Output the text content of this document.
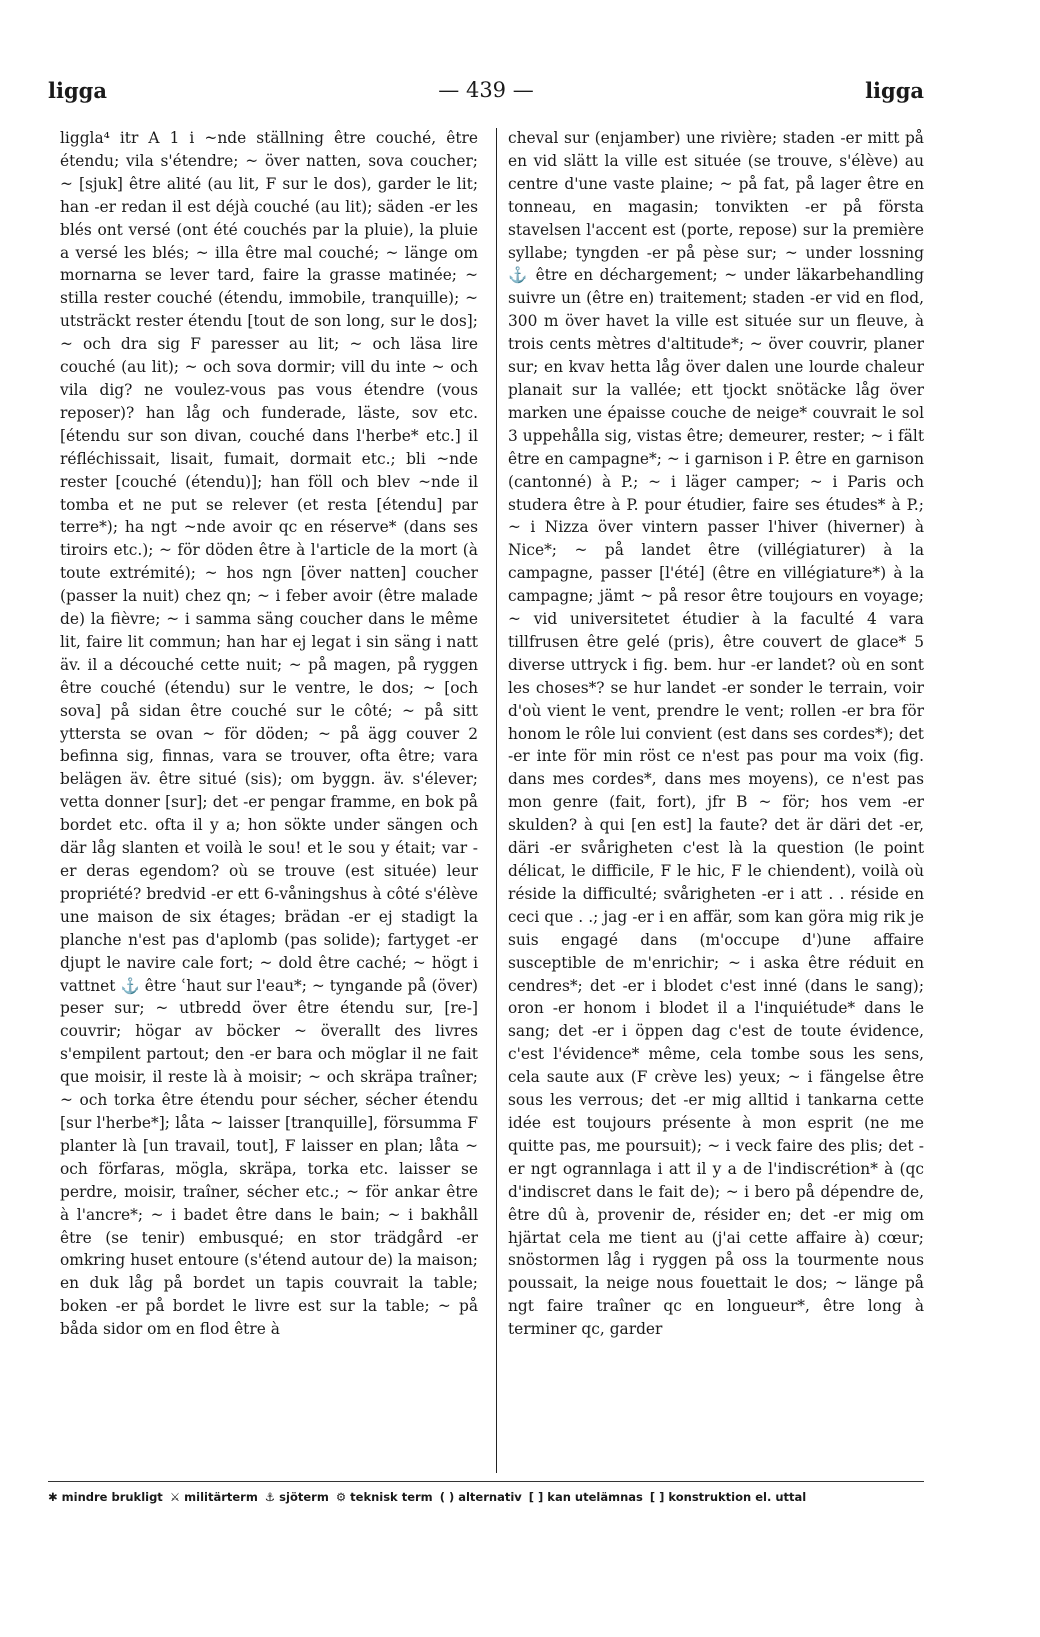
ligga	— 439 —	ligga

liggla⁴ itr A 1 i ~nde ställning être couché, être étendu; vila s'étendre; ~ över natten, sova coucher; ~ [sjuk] être alité (au lit, F sur le dos), garder le lit; han -er redan il est déjà couché (au lit); säden -er les blés ont versé (ont été couchés par la pluie), la pluie a versé les blés; ~ illa être mal couché; ~ länge om mornarna se lever tard, faire la grasse matinée; ~ stilla rester couché (étendu, immobile, tranquille); ~ utsträckt rester étendu [tout de son long, sur le dos]; ~ och dra sig F paresser au lit; ~ och läsa lire couché (au lit); ~ och sova dormir; vill du inte ~ och vila dig? ne voulez-vous pas vous étendre (vous reposer)? han låg och funderade, läste, sov etc. [étendu sur son divan, couché dans l'herbe* etc.] il réfléchissait, lisait, fumait, dormait etc.; bli ~nde rester [couché (étendu)]; han föll och blev ~nde il tomba et ne put se relever (et resta [étendu] par terre*); ha ngt ~nde avoir qc en réserve* (dans ses tiroirs etc.); ~ för döden être à l'article de la mort (à toute extrémité); ~ hos ngn [över natten] coucher (passer la nuit) chez qn; ~ i feber avoir (être malade de) la fièvre; ~ i samma säng coucher dans le même lit, faire lit commun; han har ej legat i sin säng i natt äv. il a découché cette nuit; ~ på magen, på ryggen être couché (étendu) sur le ventre, le dos; ~ [och sova] på sidan être couché sur le côté; ~ på sitt yttersta se ovan ~ för döden; ~ på ägg couver 2 befinna sig, finnas, vara se trouver, ofta être; vara belägen äv. être situé (sis); om byggn. äv. s'élever; vetta donner [sur]; det -er pengar framme, en bok på bordet etc. ofta il y a; hon sökte under sängen och där låg slanten et voilà le sou! et le sou y était; var -er deras egendom? où se trouve (est située) leur propriété? bredvid -er ett 6-våningshus à côté s'élève une maison de six étages; brädan -er ej stadigt la planche n'est pas d'aplomb (pas solide); fartyget -er djupt le navire cale fort; ~ dold être caché; ~ högt i vattnet ⚓ être ʿhaut sur l'eau*; ~ tyngande på (över) peser sur; ~ utbredd över être étendu sur, [re-] couvrir; högar av böcker ~ överallt des livres s'empilent partout; den -er bara och möglar il ne fait que moisir, il reste là à moisir; ~ och skräpa traîner; ~ och torka être étendu pour sécher, sécher étendu [sur l'herbe*]; låta ~ laisser [tranquille], försumma F planter là [un travail, tout], F laisser en plan; låta ~ och förfaras, mögla, skräpa, torka etc. laisser se perdre, moisir, traîner, sécher etc.; ~ för ankar être à l'ancre*; ~ i badet être dans le bain; ~ i bakhåll être (se tenir) embusqué; en stor trädgård -er omkring huset entoure (s'étend autour de) la maison; en duk låg på bordet un tapis couvrait la table; boken -er på bordet le livre est sur la table; ~ på båda sidor om en flod être à

cheval sur (enjamber) une rivière; staden -er mitt på en vid slätt la ville est située (se trouve, s'élève) au centre d'une vaste plaine; ~ på fat, på lager être en tonneau, en magasin; tonvikten -er på första stavelsen l'accent est (porte, repose) sur la première syllabe; tyngden -er på pèse sur; ~ under lossning ⚓ être en déchargement; ~ under läkarbehandling suivre un (être en) traitement; staden -er vid en flod, 300 m över havet la ville est située sur un fleuve, à trois cents mètres d'altitude*; ~ över couvrir, planer sur; en kvav hetta låg över dalen une lourde chaleur planait sur la vallée; ett tjockt snötäcke låg över marken une épaisse couche de neige* couvrait le sol 3 uppehålla sig, vistas être; demeurer, rester; ~ i fält être en campagne*; ~ i garnison i P. être en garnison (cantonné) à P.; ~ i läger camper; ~ i Paris och studera être à P. pour étudier, faire ses études* à P.; ~ i Nizza över vintern passer l'hiver (hiverner) à Nice*; ~ på landet être (villégiaturer) à la campagne, passer [l'été] (être en villégiature*) à la campagne; jämt ~ på resor être toujours en voyage; ~ vid universitetet étudier à la faculté 4 vara tillfrusen être gelé (pris), être couvert de glace* 5 diverse uttryck i fig. bem. hur -er landet? où en sont les choses*? se hur landet -er sonder le terrain, voir d'où vient le vent, prendre le vent; rollen -er bra för honom le rôle lui convient (est dans ses cordes*); det -er inte för min röst ce n'est pas pour ma voix (fig. dans mes cordes*, dans mes moyens), ce n'est pas mon genre (fait, fort), jfr B ~ för; hos vem -er skulden? à qui [en est] la faute? det är däri det -er, däri -er svårigheten c'est là la question (le point délicat, le difficile, F le hic, F le chiendent), voilà où réside la difficulté; svårigheten -er i att . . réside en ceci que . .; jag -er i en affär, som kan göra mig rik je suis engagé dans (m'occupe d')une affaire susceptible de m'enrichir; ~ i aska être réduit en cendres*; det -er i blodet c'est inné (dans le sang); oron -er honom i blodet il a l'inquiétude* dans le sang; det -er i öppen dag c'est de toute évidence, c'est l'évidence* même, cela tombe sous les sens, cela saute aux (F crève les) yeux; ~ i fängelse être sous les verrous; det -er mig alltid i tankarna cette idée est toujours présente à mon esprit (ne me quitte pas, me poursuit); ~ i veck faire des plis; det -er ngt ogrannlaga i att il y a de l'indiscrétion* à (qc d'indiscret dans le fait de); ~ i bero på dépendre de, être dû à, provenir de, résider en; det -er mig om hjärtat cela me tient au (j'ai cette affaire à) cœur; snöstormen låg i ryggen på oss la tourmente nous poussait, la neige nous fouettait le dos; ~ länge på ngt faire traîner qc en longueur*, être long à terminer qc, garder

✱ mindre brukligt ⚔ militärterm ⚓ sjöterm ⚙ teknisk term ( ) alternativ [ ] kan utelämnas [ ] konstruktion el. uttal
